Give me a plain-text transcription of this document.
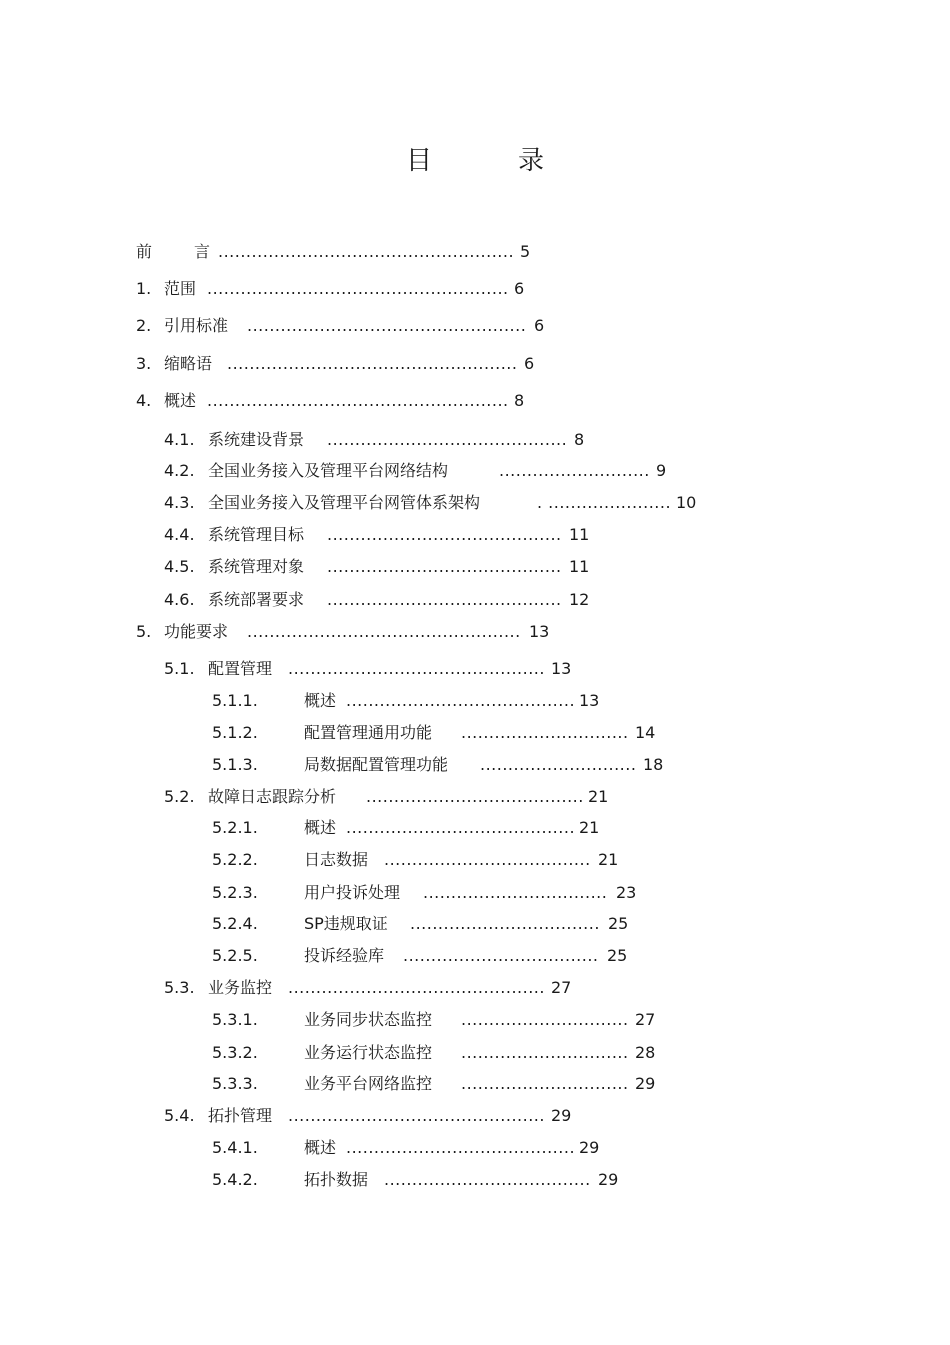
目　录
前	言 ..................................................... 5
1. 范围 ...................................................... 6
2. 引用标准 .................................................. 6
3. 缩略语 .................................................... 6
4. 概述 ...................................................... 8
4.1. 系统建设背景 ........................................... 8
4.2. 全国业务接入及管理平台网络结构	........................... 9
4.3. 全国业务接入及管理平台网管体系架构	. ...................... 10
4.4. 系统管理目标 .......................................... 11
4.5. 系统管理对象 .......................................... 11
4.6. 系统部署要求 .......................................... 12
5. 功能要求 ................................................. 13
5.1. 配置管理 .............................................. 13
5.1.1.	概述 ......................................... 13
5.1.2.	配置管理通用功能 .............................. 14
5.1.3.	局数据配置管理功能 ............................ 18
5.2. 故障日志跟踪分析 ....................................... 21
5.2.1.	概述 ......................................... 21
5.2.2.	日志数据 ..................................... 21
5.2.3.	用户投诉处理 ................................. 23
5.2.4.	SP违规取证 .................................. 25
5.2.5.	投诉经验库 ................................... 25
5.3. 业务监控 .............................................. 27
5.3.1.	业务同步状态监控 .............................. 27
5.3.2.	业务运行状态监控 .............................. 28
5.3.3.	业务平台网络监控 .............................. 29
5.4. 拓扑管理 .............................................. 29
5.4.1.	概述 ......................................... 29
5.4.2.	拓扑数据 ..................................... 29
